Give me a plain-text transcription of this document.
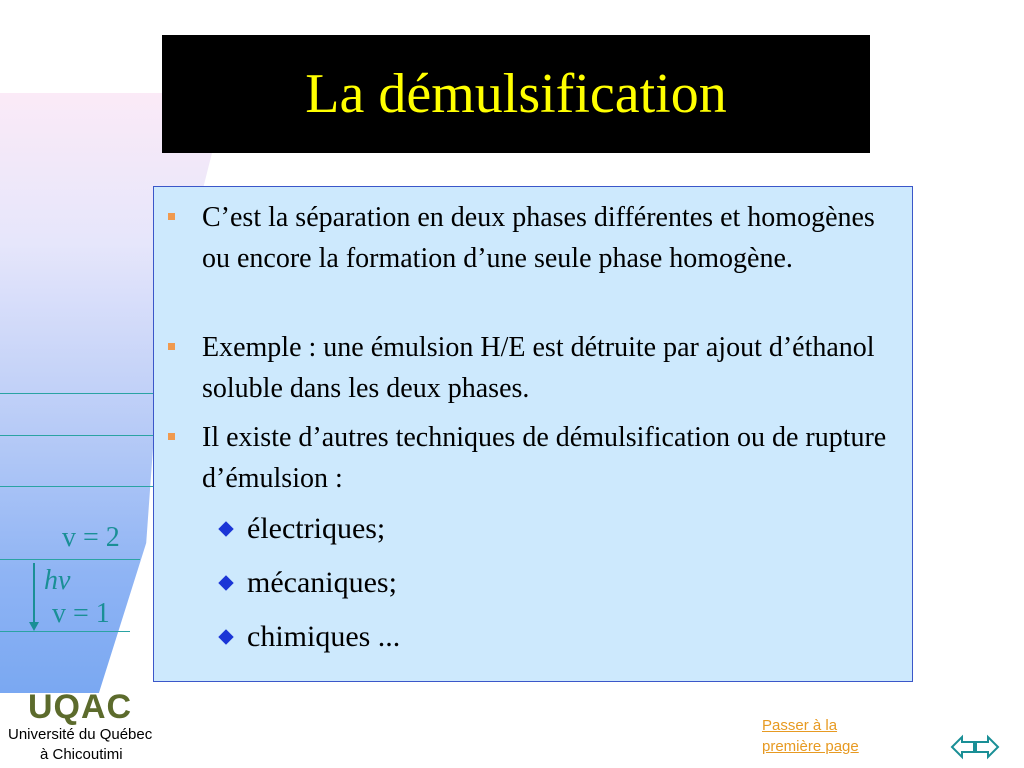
v = 2
v = 1
hν
La démulsification
C’est la séparation en deux phases différentes et homogènes ou encore la formation d’une seule phase homogène.
Exemple : une émulsion H/E est détruite par ajout d’éthanol soluble dans les deux phases.
Il existe d’autres techniques de démulsification ou de rupture d’émulsion :
électriques;
mécaniques;
chimiques ...
UQAC
Université du Québec
à Chicoutimi
Passer à la première page
